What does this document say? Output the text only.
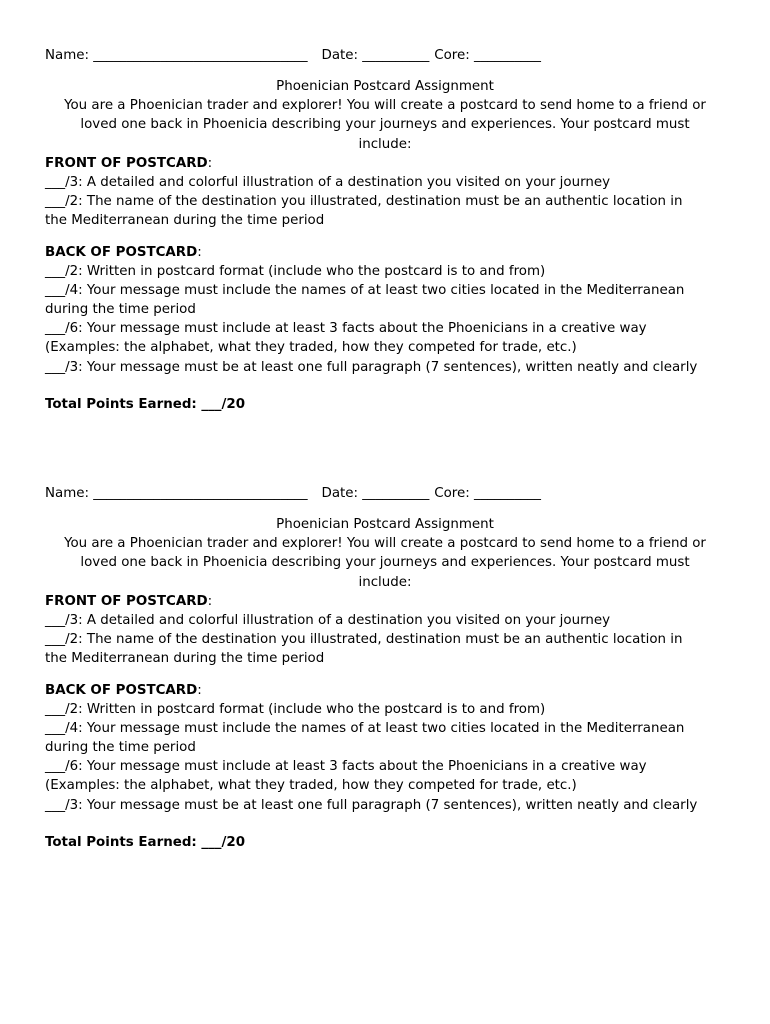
Name: ________________________________ Date: __________ Core: __________
Phoenician Postcard Assignment
You are a Phoenician trader and explorer! You will create a postcard to send home to a friend or
loved one back in Phoenicia describing your journeys and experiences. Your postcard must
include:
FRONT OF POSTCARD:
___/3: A detailed and colorful illustration of a destination you visited on your journey
___/2: The name of the destination you illustrated, destination must be an authentic location in
the Mediterranean during the time period
BACK OF POSTCARD:
___/2: Written in postcard format (include who the postcard is to and from)
___/4: Your message must include the names of at least two cities located in the Mediterranean
during the time period
___/6: Your message must include at least 3 facts about the Phoenicians in a creative way
(Examples: the alphabet, what they traded, how they competed for trade, etc.)
___/3: Your message must be at least one full paragraph (7 sentences), written neatly and clearly
Total Points Earned: ___/20
Name: ________________________________ Date: __________ Core: __________
Phoenician Postcard Assignment
You are a Phoenician trader and explorer! You will create a postcard to send home to a friend or
loved one back in Phoenicia describing your journeys and experiences. Your postcard must
include:
FRONT OF POSTCARD:
___/3: A detailed and colorful illustration of a destination you visited on your journey
___/2: The name of the destination you illustrated, destination must be an authentic location in
the Mediterranean during the time period
BACK OF POSTCARD:
___/2: Written in postcard format (include who the postcard is to and from)
___/4: Your message must include the names of at least two cities located in the Mediterranean
during the time period
___/6: Your message must include at least 3 facts about the Phoenicians in a creative way
(Examples: the alphabet, what they traded, how they competed for trade, etc.)
___/3: Your message must be at least one full paragraph (7 sentences), written neatly and clearly
Total Points Earned: ___/20
